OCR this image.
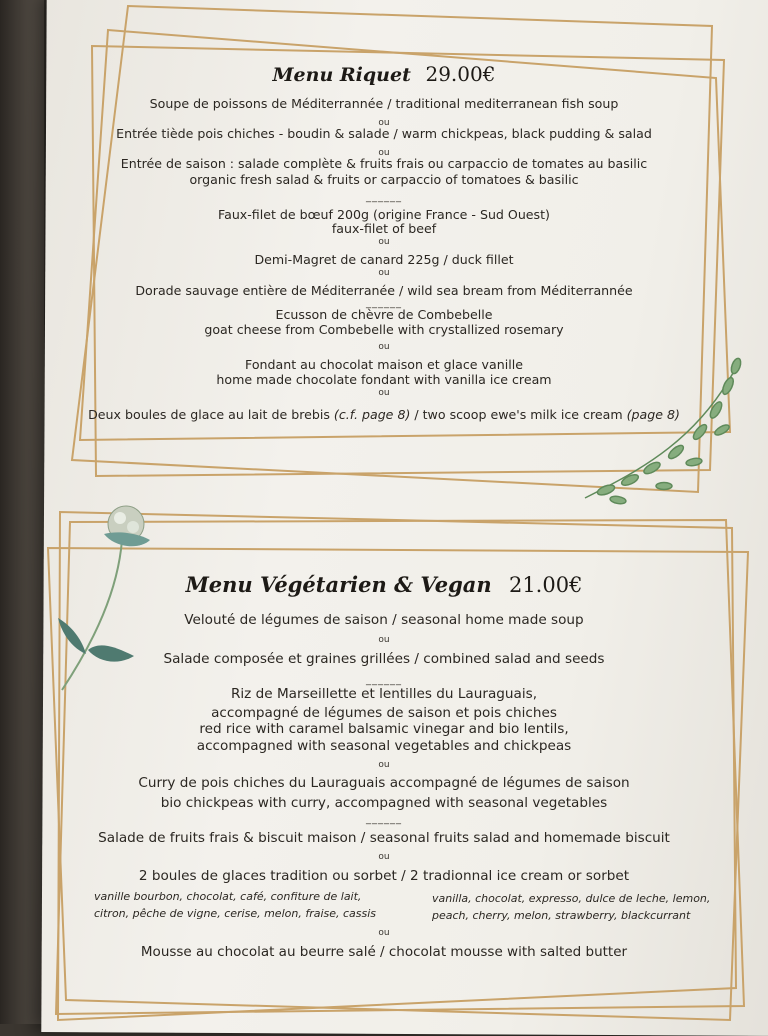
Menu Riquet 29.00€
Soupe de poissons de Méditerrannée / traditional mediterranean fish soup
ou
Entrée tiède pois chiches - boudin & salade / warm chickpeas, black pudding & salad
ou
Entrée de saison : salade complète & fruits frais ou carpaccio de tomates au basilic
organic fresh salad & fruits or carpaccio of tomatoes & basilic
______
Faux-filet de bœuf 200g (origine France - Sud Ouest)
faux-filet of beef
ou
Demi-Magret de canard 225g / duck fillet
ou
Dorade sauvage entière de Méditerranée / wild sea bream from Méditerrannée
______
Ecusson de chèvre de Combebelle
goat cheese from Combebelle with crystallized rosemary
ou
Fondant au chocolat maison et glace vanille
home made chocolate fondant with vanilla ice cream
ou
Deux boules de glace au lait de brebis (c.f. page 8) / two scoop ewe's milk ice cream (page 8)
Menu Végétarien & Vegan 21.00€
Velouté de légumes de saison / seasonal home made soup
ou
Salade composée et graines grillées / combined salad and seeds
______
Riz de Marseillette et lentilles du Lauraguais,
accompagné de légumes de saison et pois chiches
red rice with caramel balsamic vinegar and bio lentils,
accompagned with seasonal vegetables and chickpeas
ou
Curry de pois chiches du Lauraguais accompagné de légumes de saison
bio chickpeas with curry, accompagned with seasonal vegetables
______
Salade de fruits frais & biscuit maison / seasonal fruits salad and homemade biscuit
ou
2 boules de glaces tradition ou sorbet / 2 tradionnal ice cream or sorbet
vanille bourbon, chocolat, café, confiture de lait,
citron, pêche de vigne, cerise, melon, fraise, cassis
vanilla, chocolat, expresso, dulce de leche, lemon,
peach, cherry, melon, strawberry, blackcurrant
ou
Mousse au chocolat au beurre salé / chocolat mousse with salted butter
